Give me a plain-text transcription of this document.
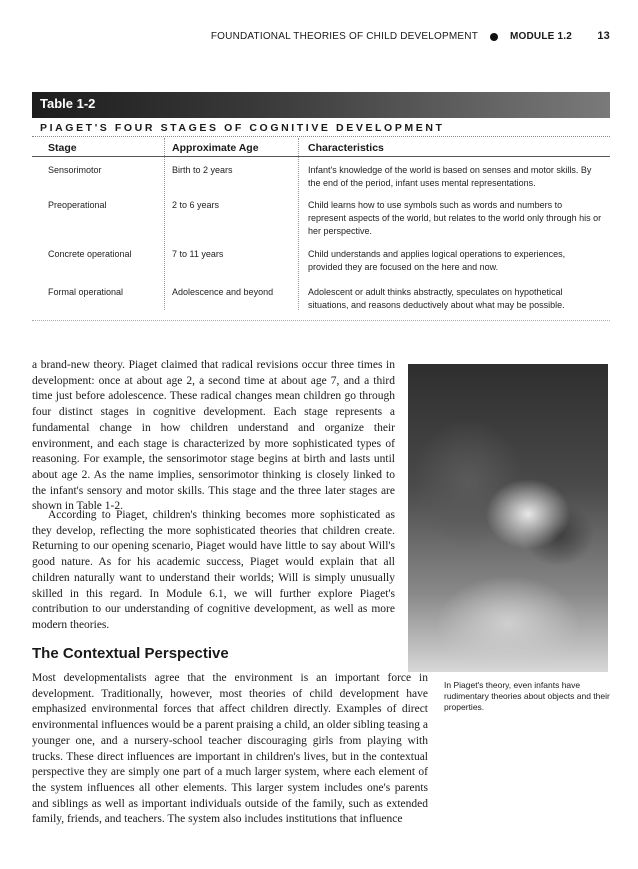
FOUNDATIONAL THEORIES OF CHILD DEVELOPMENT	MODULE 1.2 13
Table 1-2
PIAGET'S FOUR STAGES OF COGNITIVE DEVELOPMENT
Stage	Approximate Age	Characteristics
Sensorimotor	Birth to 2 years	Infant's knowledge of the world is based on senses and motor skills. By the end of the period, infant uses mental representations.
Preoperational	2 to 6 years	Child learns how to use symbols such as words and numbers to represent aspects of the world, but relates to the world only through his or her perspective.
Concrete operational	7 to 11 years	Child understands and applies logical operations to experiences, provided they are focused on the here and now.
Formal operational	Adolescence and beyond	Adolescent or adult thinks abstractly, speculates on hypothetical situations, and reasons deductively about what may be possible.

a brand-new theory. Piaget claimed that radical revisions occur three times in development: once at about age 2, a second time at about age 7, and a third time just before adolescence. These radical changes mean children go through four distinct stages in cognitive development. Each stage represents a fundamental change in how children understand and organize their environment, and each stage is characterized by more sophisticated types of reasoning. For example, the sensorimotor stage begins at birth and lasts until about age 2. As the name implies, sensorimotor thinking is closely linked to the infant's sensory and motor skills. This stage and the three later stages are shown in Table 1-2.

According to Piaget, children's thinking becomes more sophisticated as they develop, reflecting the more sophisticated theories that children create. Returning to our opening scenario, Piaget would have little to say about Will's good nature. As for his academic success, Piaget would explain that all children naturally want to understand their worlds; Will is simply unusually skilled in this regard. In Module 6.1, we will further explore Piaget's contribution to our understanding of cognitive development, as well as more modern theories.

The Contextual Perspective

Most developmentalists agree that the environment is an important force in development. Traditionally, however, most theories of child development have emphasized environmental forces that affect children directly. Examples of direct environmental influences would be a parent praising a child, an older sibling teasing a younger one, and a nursery-school teacher discouraging girls from playing with trucks. These direct influences are important in children's lives, but in the contextual perspective they are simply one part of a much larger system, where each element of the system influences all other elements. This larger system includes one's parents and siblings as well as important individuals outside of the family, such as extended family, friends, and teachers. The system also includes institutions that influence

In Piaget's theory, even infants have rudimentary theories about objects and their properties.
